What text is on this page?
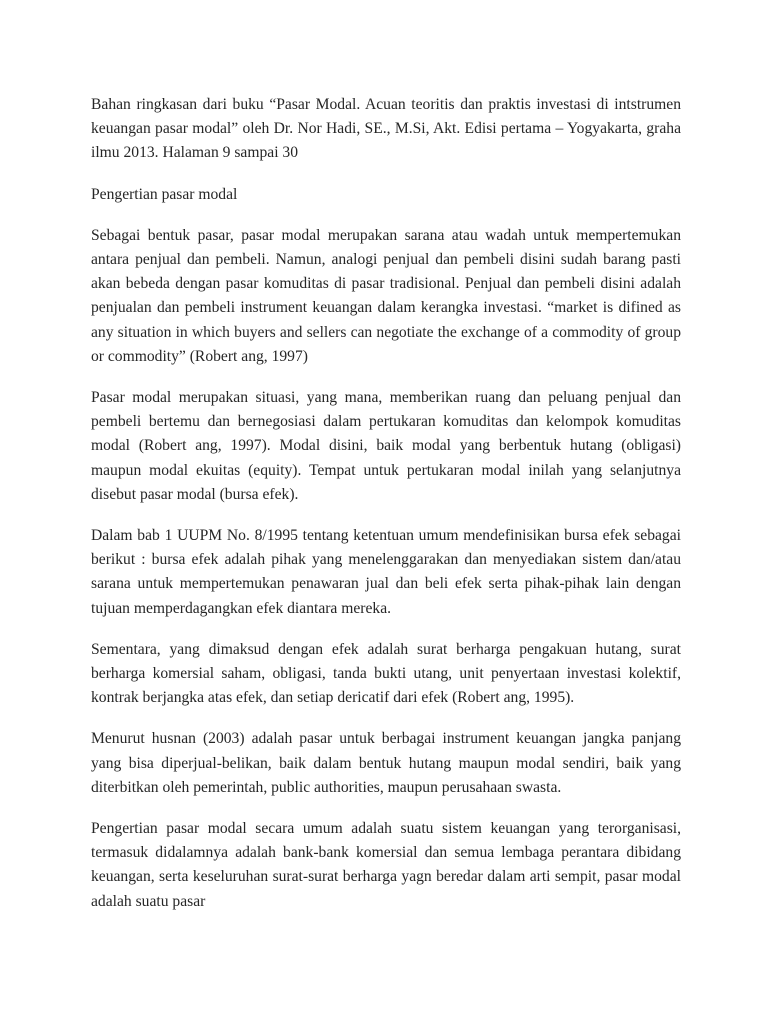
Bahan ringkasan dari buku “Pasar Modal. Acuan teoritis dan praktis investasi di intstrumen keuangan pasar modal” oleh Dr. Nor Hadi, SE., M.Si, Akt. Edisi pertama – Yogyakarta, graha ilmu 2013. Halaman 9 sampai 30

Pengertian pasar modal

Sebagai bentuk pasar, pasar modal merupakan sarana atau wadah untuk mempertemukan antara penjual dan pembeli. Namun, analogi penjual dan pembeli disini sudah barang pasti akan bebeda dengan pasar komuditas di pasar tradisional. Penjual dan pembeli disini adalah penjualan dan pembeli instrument keuangan dalam kerangka investasi. “market is difined as any situation in which buyers and sellers can negotiate the exchange of a commodity of group or commodity” (Robert ang, 1997)

Pasar modal merupakan situasi, yang mana, memberikan ruang dan peluang penjual dan pembeli bertemu dan bernegosiasi dalam pertukaran komuditas dan kelompok komuditas modal (Robert ang, 1997). Modal disini, baik modal yang berbentuk hutang (obligasi) maupun modal ekuitas (equity). Tempat untuk pertukaran modal inilah yang selanjutnya disebut pasar modal (bursa efek).

Dalam bab 1 UUPM No. 8/1995 tentang ketentuan umum mendefinisikan bursa efek sebagai berikut : bursa efek adalah pihak yang menelenggarakan dan menyediakan sistem dan/atau sarana untuk mempertemukan penawaran jual dan beli efek serta pihak-pihak lain dengan tujuan memperdagangkan efek diantara mereka.

Sementara, yang dimaksud dengan efek adalah surat berharga pengakuan hutang, surat berharga komersial saham, obligasi, tanda bukti utang, unit penyertaan investasi kolektif, kontrak berjangka atas efek, dan setiap dericatif dari efek (Robert ang, 1995).

Menurut husnan (2003) adalah pasar untuk berbagai instrument keuangan jangka panjang yang bisa diperjual-belikan, baik dalam bentuk hutang maupun modal sendiri, baik yang diterbitkan oleh pemerintah, public authorities, maupun perusahaan swasta.

Pengertian pasar modal secara umum adalah suatu sistem keuangan yang terorganisasi, termasuk didalamnya adalah bank-bank komersial dan semua lembaga perantara dibidang keuangan, serta keseluruhan surat-surat berharga yagn beredar dalam arti sempit, pasar modal adalah suatu pasar
